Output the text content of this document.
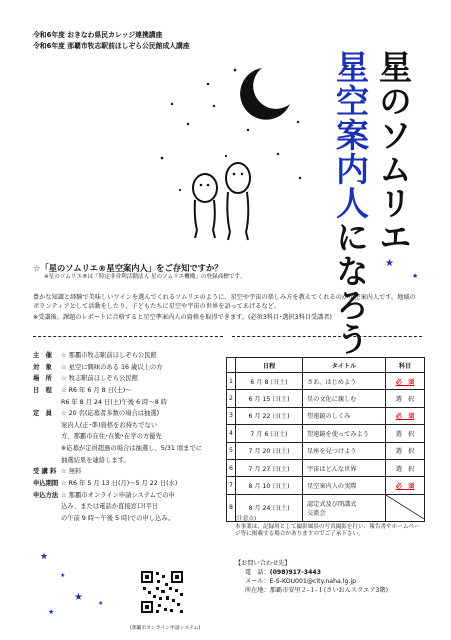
令和6年度 おきなわ県民カレッジ連携講座
令和6年度 那覇市牧志駅前ほしぞら公民館成人講座
星のソムリエ
星空案内人になろう
☆「星のソムリエ®星空案内人」をご存知ですか？
※星のソムリエ®は「特定非営利活動法人 星のソムリエ機構」の登録商標です。
豊かな知識と経験で美味しいワインを選んでくれるソムリエのように、星空や宇宙の楽しみ方を教えてくれるのが星空案内人です。地域のボランティアとして活動をしたり、子どもたちに星空や宇宙の世界を語ってあげるなど。
※受講後、課題のレポートに合格すると星空準案内人の資格を取得できます。(必須3科目･選択3科目受講者)
主　催	☆ 那覇市牧志駅前ほしぞら公民館
対　象	☆ 星空に興味のある 16 歳以上の方
場　所	☆ 牧志駅前ほしぞら公民館
日　程	☆ R6 年 6 月 8 日(土)～
R6 年 8 月 24 日(土)午後 6 時～8 時
定　員	☆ 20 名(応募者多数の場合は抽選)
案内人(正･準)資格をお持ちでない
方、那覇市在住･在勤･在学の方優先
※応募が定員超過の場合は抽選し、5/31 頃までに
抽選結果を連絡します。
受 講 料 ☆ 無料
申込期間 ☆ R6 年 5 月 13 日(月)～5 月 22 日(水)
申込方法 ☆ 那覇市オンライン申請システムでの申
込み、または電話か直接窓口(平日
の午前 9 時～午後 5 時)での申し込み。
	日程	タイトル	科目
1	6 月 8 日(土)	さあ、はじめよう	必　須
2	6 月 15 日(土)	星の文化に親しむ	選　択
3	6 月 22 日(土)	望遠鏡のしくみ	必　須
4	7 月 6 日(土)	望遠鏡を使ってみよう	選　択
5	7 月 20 日(土)	星座を見つけよう	選　択
6	7 月 27 日(土)	宇宙はどんな世界	選　択
7	8 月 10 日(土)	星空案内人の実際	必　須
8	8 月 24 日(土)	認定式及び閉講式
交流会

(注意点)
本事業は、記録用として撮影風景の写真撮影を行い、報告書やホームページ等に掲載する場合がありますのでご了承下さい。
【お問い合わせ先】
電　話：(098)917-3443
メール：E-S-KOU001@city.naha.lg.jp
所在地：那覇市安里２-１-１(さいおんスクエア3階)
(那覇市オンライン申請システム)
★
★
★
★
★
★
★
